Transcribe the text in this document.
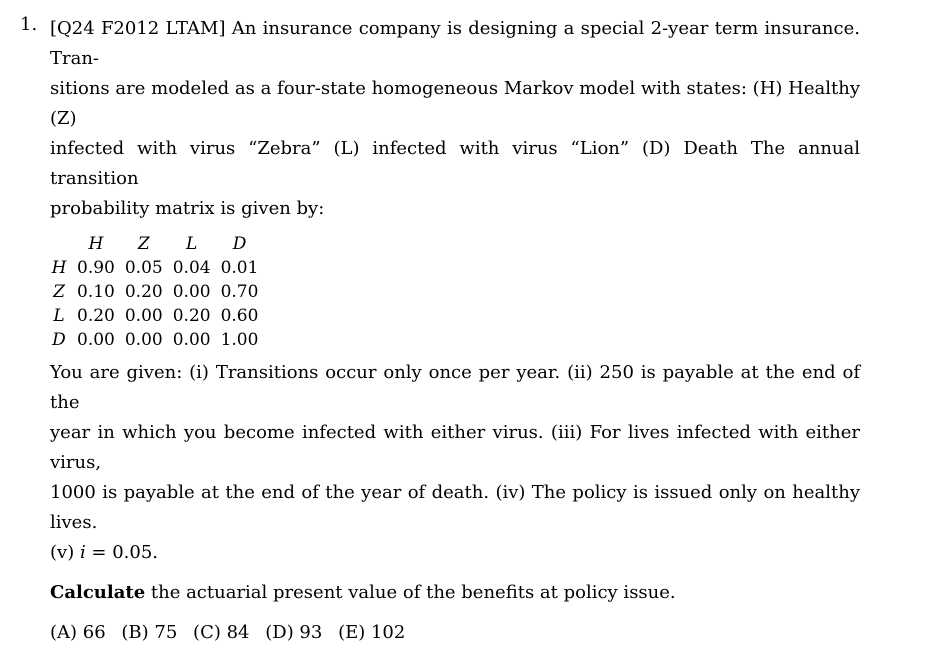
1. [Q24 F2012 LTAM] An insurance company is designing a special 2-year term insurance. Tran-
sitions are modeled as a four-state homogeneous Markov model with states: (H) Healthy (Z)
infected with virus “Zebra” (L) infected with virus “Lion” (D) Death The annual transition
probability matrix is given by:
	H	Z	L	D
H	0.90	0.05	0.04	0.01
Z	0.10	0.20	0.00	0.70
L	0.20	0.00	0.20	0.60
D	0.00	0.00	0.00	1.00
You are given: (i) Transitions occur only once per year. (ii) 250 is payable at the end of the
year in which you become infected with either virus. (iii) For lives infected with either virus,
1000 is payable at the end of the year of death. (iv) The policy is issued only on healthy lives.
(v) i = 0.05.
Calculate the actuarial present value of the benefits at policy issue.
(A) 66 (B) 75 (C) 84 (D) 93 (E) 102
